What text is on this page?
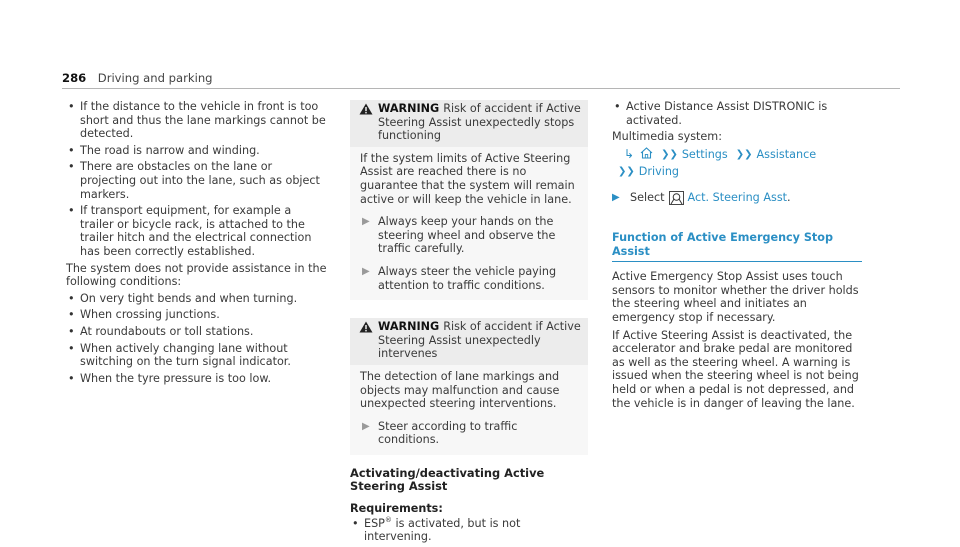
286 Driving and parking
• If the distance to the vehicle in front is too short and thus the lane markings cannot be detected.
• The road is narrow and winding.
• There are obstacles on the lane or projecting out into the lane, such as object markers.
• If transport equipment, for example a trailer or bicycle rack, is attached to the trailer hitch and the electrical connection has been correctly established.

The system does not provide assistance in the following conditions:

• On very tight bends and when turning.
• When crossing junctions.
• At roundabouts or toll stations.
• When actively changing lane without switching on the turn signal indicator.
• When the tyre pressure is too low.
WARNING Risk of accident if Active Steering Assist unexpectedly stops functioning

If the system limits of Active Steering Assist are reached there is no guarantee that the system will remain active or will keep the vehicle in lane.

▶ Always keep your hands on the steering wheel and observe the traffic carefully.
▶ Always steer the vehicle paying attention to traffic conditions.
WARNING Risk of accident if Active Steering Assist unexpectedly intervenes

The detection of lane markings and objects may malfunction and cause unexpected steering interventions.

▶ Steer according to traffic conditions.
Activating/deactivating Active Steering Assist
Requirements:
• ESP® is activated, but is not intervening.
• Active Distance Assist DISTRONIC is activated.

Multimedia system:

↳	❯❯ Settings ❯❯ Assistance
❯❯ Driving
▶ Select Act. Steering Asst .
Function of Active Emergency Stop Assist

Active Emergency Stop Assist uses touch sensors to monitor whether the driver holds the steering wheel and initiates an emergency stop if necessary.

If Active Steering Assist is deactivated, the accelerator and brake pedal are monitored as well as the steering wheel. A warning is issued when the steering wheel is not being held or when a pedal is not depressed, and the vehicle is in danger of leaving the lane.
